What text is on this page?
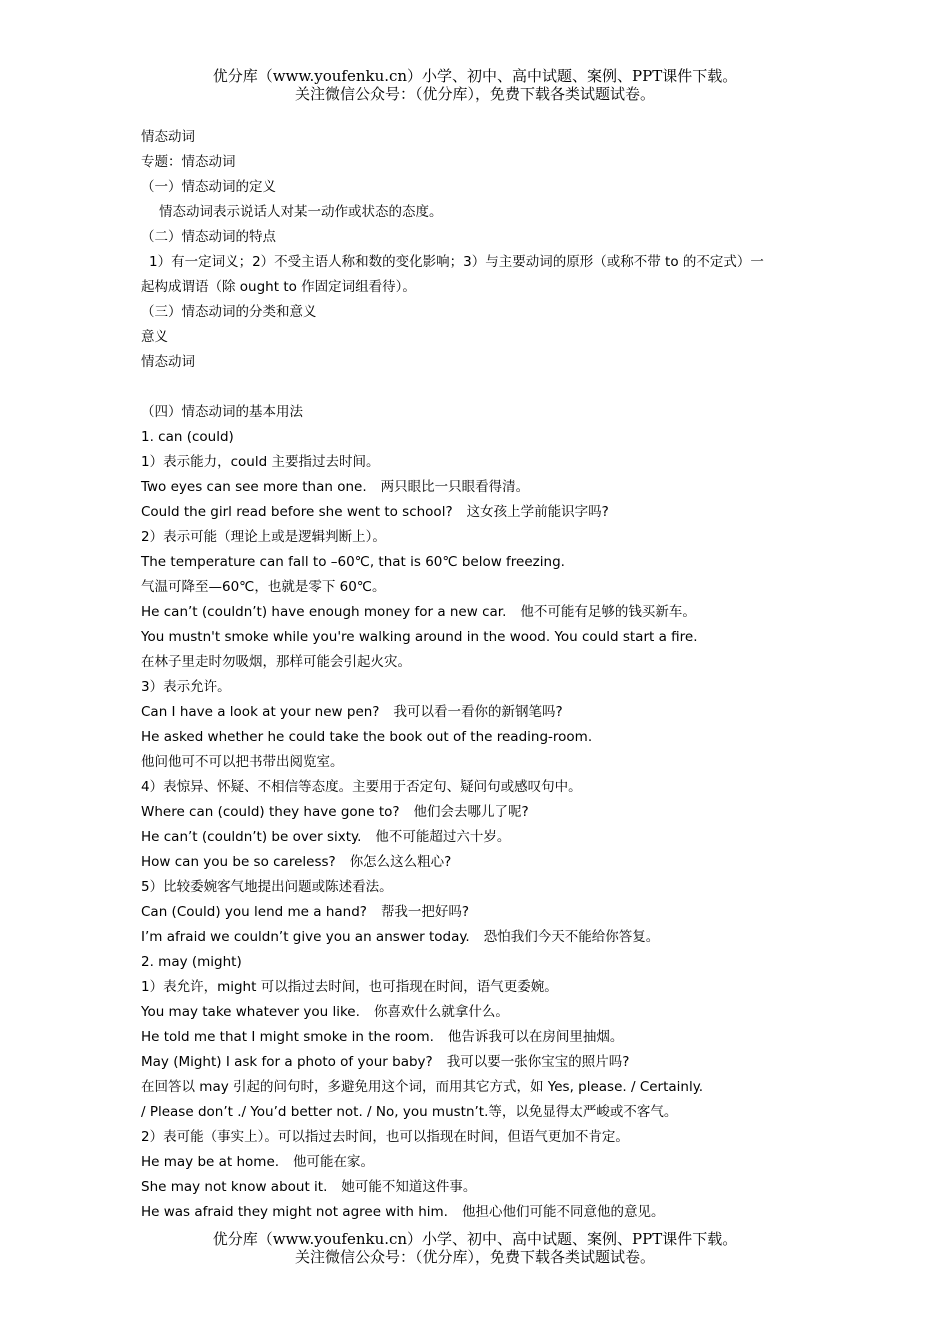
优分库（www.youfenku.cn）小学、初中、高中试题、案例、PPT课件下载。
关注微信公众号：（优分库），免费下载各类试题试卷。
情态动词
专题：情态动词
（一）情态动词的定义
情态动词表示说话人对某一动作或状态的态度。
（二）情态动词的特点
1）有一定词义；2）不受主语人称和数的变化影响；3）与主要动词的原形（或称不带 to 的不定式）一
起构成谓语（除 ought to 作固定词组看待）。
（三）情态动词的分类和意义
意义
情态动词
（四）情态动词的基本用法
1. can (could)
1）表示能力，could 主要指过去时间。
Two eyes can see more than one. 两只眼比一只眼看得清。
Could the girl read before she went to school? 这女孩上学前能识字吗?
2）表示可能（理论上或是逻辑判断上）。
The temperature can fall to –60℃, that is 60℃ below freezing.
气温可降至—60℃，也就是零下 60℃。
He can’t (couldn’t) have enough money for a new car. 他不可能有足够的钱买新车。
You mustn't smoke while you're walking around in the wood. You could start a fire.
在林子里走时勿吸烟，那样可能会引起火灾。
3）表示允许。
Can I have a look at your new pen? 我可以看一看你的新钢笔吗?
He asked whether he could take the book out of the reading-room.
他问他可不可以把书带出阅览室。
4）表惊异、怀疑、不相信等态度。主要用于否定句、疑问句或感叹句中。
Where can (could) they have gone to? 他们会去哪儿了呢?
He can’t (couldn’t) be over sixty. 他不可能超过六十岁。
How can you be so careless? 你怎么这么粗心?
5）比较委婉客气地提出问题或陈述看法。
Can (Could) you lend me a hand? 帮我一把好吗?
I’m afraid we couldn’t give you an answer today. 恐怕我们今天不能给你答复。
2. may (might)
1）表允许，might 可以指过去时间，也可指现在时间，语气更委婉。
You may take whatever you like. 你喜欢什么就拿什么。
He told me that I might smoke in the room. 他告诉我可以在房间里抽烟。
May (Might) I ask for a photo of your baby? 我可以要一张你宝宝的照片吗?
在回答以 may 引起的问句时，多避免用这个词，而用其它方式，如 Yes, please. / Certainly.
/ Please don’t ./ You’d better not. / No, you mustn’t.等，以免显得太严峻或不客气。
2）表可能（事实上）。可以指过去时间，也可以指现在时间，但语气更加不肯定。
He may be at home. 他可能在家。
She may not know about it. 她可能不知道这件事。
He was afraid they might not agree with him. 他担心他们可能不同意他的意见。
优分库（www.youfenku.cn）小学、初中、高中试题、案例、PPT课件下载。
关注微信公众号：（优分库），免费下载各类试题试卷。
